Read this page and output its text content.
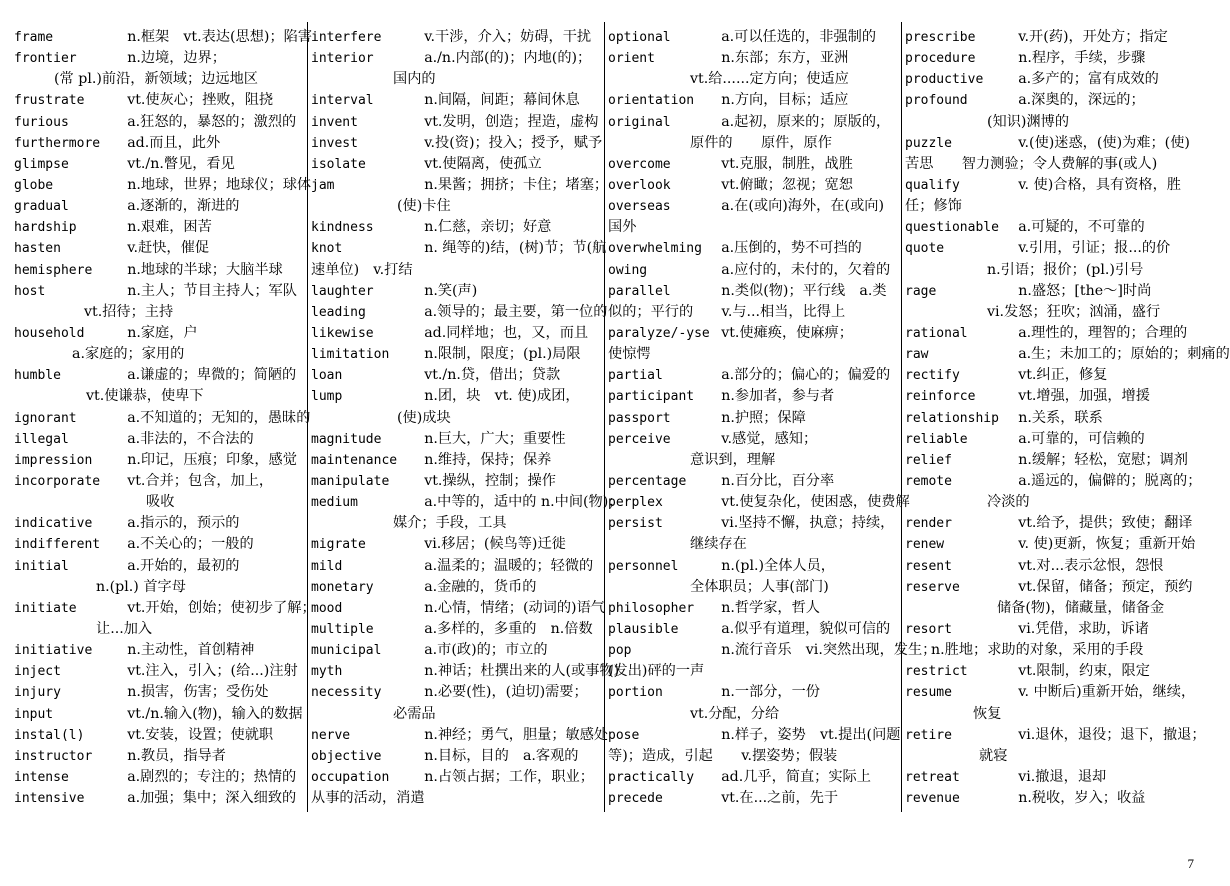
frame	n.框架　vt.表达(思想)；陷害
frontier	n.边境，边界；
(常 pl.)前沿，新领域；边远地区
frustrate	vt.使灰心；挫败，阻挠
furious	a.狂怒的，暴怒的；激烈的
furthermore ad.而且，此外
glimpse	vt./n.瞥见，看见
globe	n.地球，世界；地球仪；球体
gradual	a.逐渐的，渐进的
hardship	n.艰难，困苦
hasten	v.赶快，催促
hemisphere n.地球的半球；大脑半球
host	n.主人；节目主持人；军队
vt.招待；主持
household	n.家庭，户
a.家庭的；家用的
humble	a.谦虚的；卑微的；简陋的
vt.使谦恭，使卑下
ignorant	a.不知道的；无知的，愚昧的
illegal	a.非法的，不合法的
impression n.印记，压痕；印象，感觉
incorporate vt.合并；包含，加上，
吸收
indicative a.指示的，预示的
indifferent a.不关心的；一般的
initial	a.开始的，最初的
n.(pl.) 首字母
initiate	vt.开始，创始；使初步了解；
让...加入
initiative n.主动性，首创精神
inject	vt.注入，引入；(给...)注射
injury	n.损害，伤害；受伤处
input	vt./n.输入(物)，输入的数据
instal(l)	vt.安装，设置；使就职
instructor n.教员，指导者
intense	a.剧烈的；专注的；热情的
intensive	a.加强；集中；深入细致的
interfere	v.干涉，介入；妨碍，干扰
interior	a./n.内部(的)；内地(的)；
国内的
interval	n.间隔，间距；幕间休息
invent	vt.发明，创造；捏造，虚构
invest	v.投(资)；投入；授予，赋予
isolate	vt.使隔离，使孤立
jam	n.果酱；拥挤；卡住；堵塞；
(使)卡住
kindness	n.仁慈，亲切；好意
knot	n. 绳等的)结，(树)节；节(航
速单位)　v.打结
laughter	n.笑(声)
leading	a.领导的；最主要，第一位的
likewise	ad.同样地；也，又，而且
limitation n.限制，限度；(pl.)局限
loan	vt./n.贷，借出；贷款
lump	n.团，块　vt. 使)成团，
(使)成块
magnitude	n.巨大，广大；重要性
maintenance n.维持，保持；保养
manipulate vt.操纵，控制；操作
medium	a.中等的，适中的 n.中间(物)；
媒介；手段，工具
migrate	vi.移居；(候鸟等)迁徙
mild	a.温柔的；温暖的；轻微的
monetary	a.金融的，货币的
mood	n.心情，情绪；(动词的)语气
multiple	a.多样的，多重的　n.倍数
municipal	a.市(政)的；市立的
myth	n.神话；杜撰出来的人(或事物)
necessity	n.必要(性)，(迫切)需要；
必需品
nerve	n.神经；勇气，胆量；敏感处
objective	n.目标，目的　a.客观的
occupation n.占领占据；工作，职业；
从事的活动，消遣
optional	a.可以任选的，非强制的
orient	n.东部；东方，亚洲
vt.给......定方向；使适应
orientation n.方向，目标；适应
original	a.起初，原来的；原版的，
原件的　　原件，原作
overcome	vt.克服，制胜，战胜
overlook	vt.俯瞰；忽视；宽恕
overseas	a.在(或向)海外，在(或向)
国外
overwhelming a.压倒的，势不可挡的
owing	a.应付的，未付的，欠着的
parallel	n.类似(物)；平行线　a.类
似的；平行的　　v.与...相当，比得上
paralyze/-yse vt.使瘫痪，使麻痹；
使惊愕
partial	a.部分的；偏心的；偏爱的
participant n.参加者，参与者
passport	n.护照；保障
perceive	v.感觉，感知；
意识到，理解
percentage n.百分比，百分率
perplex	vt.使复杂化，使困惑，使费解
persist	vi.坚持不懈，执意；持续，
继续存在
personnel	n.(pl.)全体人员，
全体职员；人事(部门)
philosopher n.哲学家，哲人
plausible	a.似乎有道理，貌似可信的
pop	n.流行音乐　vi.突然出现，发生；
(发出)砰的一声
portion	n.一部分，一份
vt.分配，分给
pose	n.样子，姿势　vt.提出(问题
等)；造成，引起　　v.摆姿势；假装
practically ad.几乎，简直；实际上
precede	vt.在...之前，先于
prescribe	v.开(药)，开处方；指定
procedure	n.程序，手续，步骤
productive a.多产的；富有成效的
profound	a.深奥的，深远的；
(知识)渊博的
puzzle	v.(使)迷惑，(使)为难；(使)
苦思　　智力测验；令人费解的事(或人)
qualify	v. 使)合格，具有资格，胜
任；修饰
questionable a.可疑的，不可靠的
quote	v.引用，引证；报...的价
n.引语；报价；(pl.)引号
rage	n.盛怒；[the～]时尚
vi.发怒；狂吹；汹涌，盛行
rational	a.理性的，理智的；合理的
raw	a.生；未加工的；原始的；刺痛的
rectify	vt.纠正，修复
reinforce	vt.增强，加强，增援
relationship n.关系，联系
reliable	a.可靠的，可信赖的
relief	n.缓解；轻松，宽慰；调剂
remote	a.遥远的，偏僻的；脱离的；
冷淡的
render	vt.给予，提供；致使；翻译
renew	v. 使)更新，恢复；重新开始
resent	vt.对...表示忿恨，怨恨
reserve	vt.保留，储备；预定，预约
储备(物)，储藏量，储备金
resort	vi.凭借，求助，诉诸
n.胜地；求助的对象，采用的手段
restrict	vt.限制，约束，限定
resume	v. 中断后)重新开始，继续，
恢复
retire	vi.退休，退役；退下，撤退；
就寝
retreat	vi.撤退，退却
revenue	n.税收，岁入；收益
7
